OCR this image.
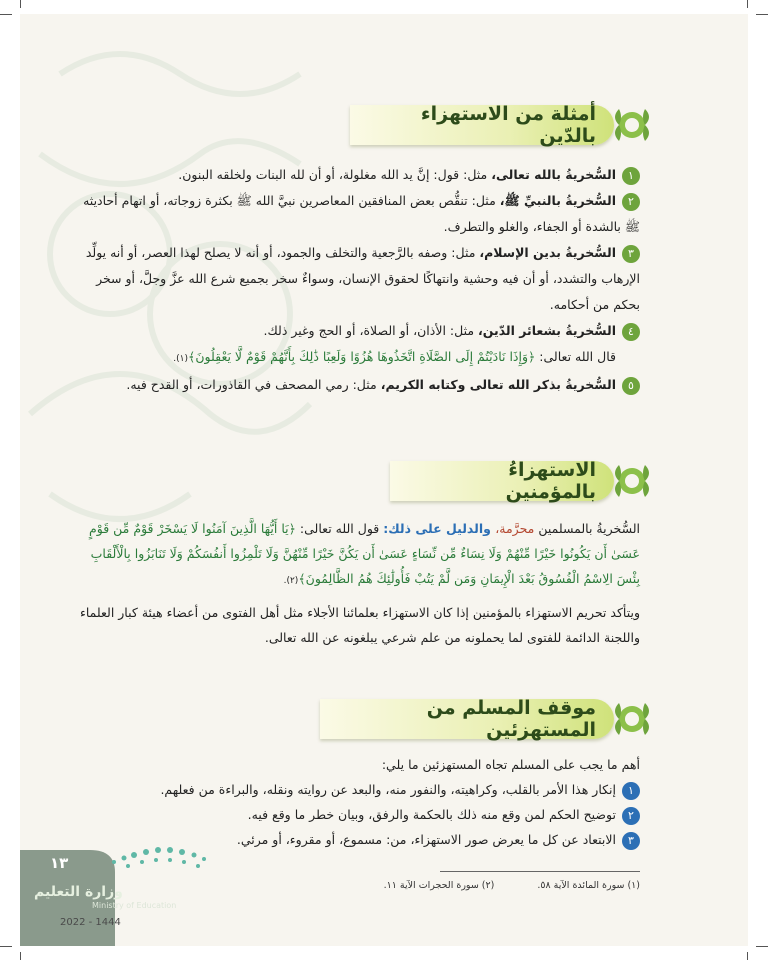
أمثلة من الاستهزاء بالدّين
١السُّخريةُ بالله تعالى، مثل: قول: إنَّ يد الله مغلولة، أو أن لله البنات ولخلقه البنون.
٢السُّخريةُ بالنبيِّ ﷺ، مثل: تنقُّص بعض المنافقين المعاصرين نبيَّ الله ﷺ بكثرة زوجاته، أو اتهام أحاديثه ﷺ بالشدة أو الجفاء، والغلو والتطرف.
٣السُّخريةُ بدين الإسلام، مثل: وصفه بالرَّجعية والتخلف والجمود، أو أنه لا يصلح لهذا العصر، أو أنه يولِّد الإرهاب والتشدد، أو أن فيه وحشية وانتهاكًا لحقوق الإنسان، وسواءٌ سخر بجميع شرع الله عزَّ وجلَّ، أو سخر بحكم من أحكامه.
٤السُّخريةُ بشعائر الدّين، مثل: الأذان، أو الصلاة، أو الحج وغير ذلك.
قال الله تعالى: ﴿وَإِذَا نَادَيْتُمْ إِلَى الصَّلَاةِ اتَّخَذُوهَا هُزُوًا وَلَعِبًا ذَٰلِكَ بِأَنَّهُمْ قَوْمٌ لَّا يَعْقِلُونَ﴾(١).
٥السُّخريةُ بذكر الله تعالى وكتابه الكريم، مثل: رمي المصحف في القاذورات، أو القدح فيه.
الاستهزاءُ بالمؤمنين
السُّخريةُ بالمسلمين محرَّمة، والدليل على ذلك: قول الله تعالى: ﴿يَا أَيُّهَا الَّذِينَ آمَنُوا لَا يَسْخَرْ قَوْمٌ مِّن قَوْمٍ عَسَىٰ أَن يَكُونُوا خَيْرًا مِّنْهُمْ وَلَا نِسَاءٌ مِّن نِّسَاءٍ عَسَىٰ أَن يَكُنَّ خَيْرًا مِّنْهُنَّ وَلَا تَلْمِزُوا أَنفُسَكُمْ وَلَا تَنَابَزُوا بِالْأَلْقَابِ بِئْسَ الِاسْمُ الْفُسُوقُ بَعْدَ الْإِيمَانِ وَمَن لَّمْ يَتُبْ فَأُولَٰئِكَ هُمُ الظَّالِمُونَ﴾(٢).
ويتأكد تحريم الاستهزاء بالمؤمنين إذا كان الاستهزاء بعلمائنا الأجلاء مثل أهل الفتوى من أعضاء هيئة كبار العلماء واللجنة الدائمة للفتوى لما يحملونه من علم شرعي يبلغونه عن الله تعالى.
موقف المسلم من المستهزئين
أهم ما يجب على المسلم تجاه المستهزئين ما يلي:
١إنكار هذا الأمر بالقلب، وكراهيته، والنفور منه، والبعد عن روايته ونقله، والبراءة من فعلهم.
٢توضيح الحكم لمن وقع منه ذلك بالحكمة والرفق، وبيان خطر ما وقع فيه.
٣الابتعاد عن كل ما يعرض صور الاستهزاء، من: مسموع، أو مقروء، أو مرئي.
(١) سورة المائدة الآية ٥٨. (٢) سورة الحجرات الآية ١١.
١٣
وزارة التعليم
Ministry of Education
2022 - 1444
